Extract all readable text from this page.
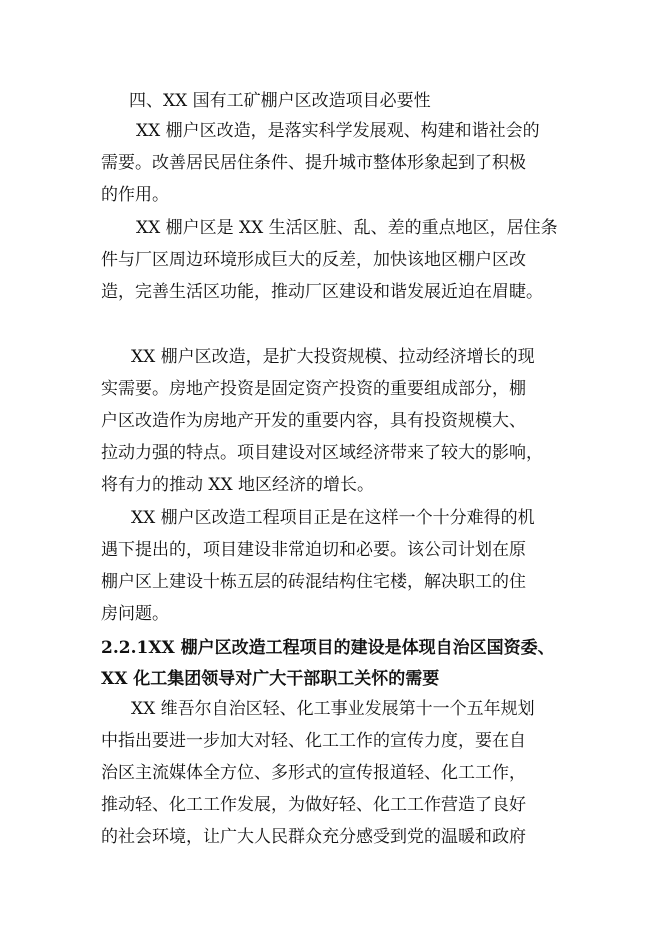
四、XX 国有工矿棚户区改造项目必要性
XX 棚户区改造，是落实科学发展观、构建和谐社会的
需要。改善居民居住条件、提升城市整体形象起到了积极
的作用。
XX 棚户区是 XX 生活区脏、乱、差的重点地区，居住条
件与厂区周边环境形成巨大的反差，加快该地区棚户区改
造，完善生活区功能，推动厂区建设和谐发展近迫在眉睫。
XX 棚户区改造，是扩大投资规模、拉动经济增长的现
实需要。房地产投资是固定资产投资的重要组成部分，棚
户区改造作为房地产开发的重要内容，具有投资规模大、
拉动力强的特点。项目建设对区域经济带来了较大的影响，
将有力的推动 XX 地区经济的增长。
XX 棚户区改造工程项目正是在这样一个十分难得的机
遇下提出的，项目建设非常迫切和必要。该公司计划在原
棚户区上建设十栋五层的砖混结构住宅楼，解决职工的住
房问题。
2.2.1XX 棚户区改造工程项目的建设是体现自治区国资委、
XX 化工集团领导对广大干部职工关怀的需要
XX 维吾尔自治区轻、化工事业发展第十一个五年规划
中指出要进一步加大对轻、化工工作的宣传力度，要在自
治区主流媒体全方位、多形式的宣传报道轻、化工工作，
推动轻、化工工作发展，为做好轻、化工工作营造了良好
的社会环境，让广大人民群众充分感受到党的温暖和政府
